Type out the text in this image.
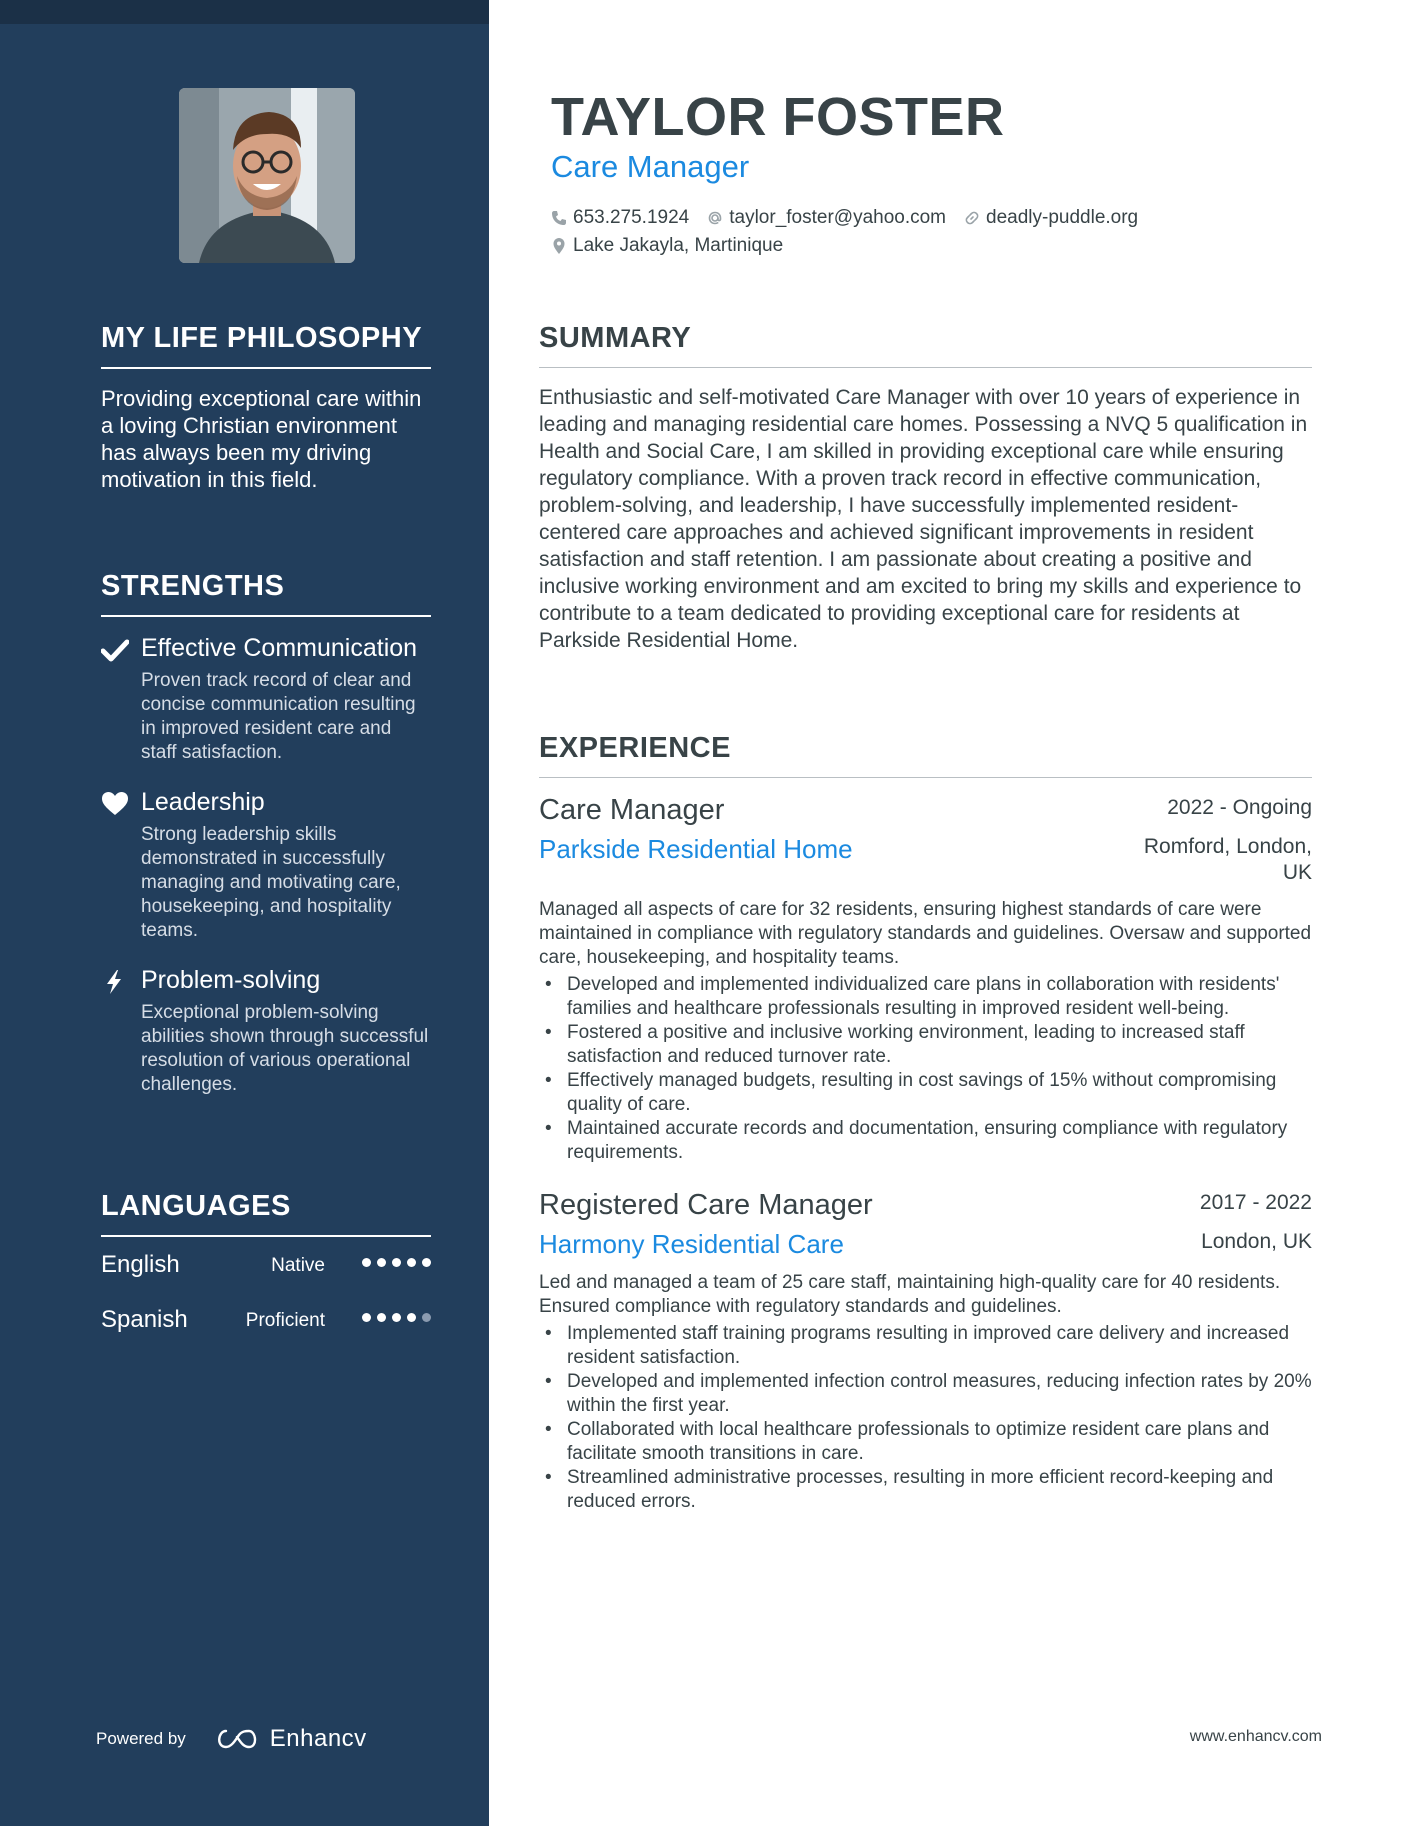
MY LIFE PHILOSOPHY

Providing exceptional care within a loving Christian environment has always been my driving motivation in this field.

STRENGTHS
Effective Communication
Proven track record of clear and concise communication resulting in improved resident care and staff satisfaction.
Leadership
Strong leadership skills demonstrated in successfully managing and motivating care, housekeeping, and hospitality teams.
Problem-solving
Exceptional problem-solving abilities shown through successful resolution of various operational challenges.
LANGUAGES
English	Native
Spanish	Proficient
Powered by	Enhancv
TAYLOR FOSTER
Care Manager
653.275.1924 taylor_foster@yahoo.com deadly-puddle.org
Lake Jakayla, Martinique
SUMMARY

Enthusiastic and self-motivated Care Manager with over 10 years of experience in leading and managing residential care homes. Possessing a NVQ 5 qualification in Health and Social Care, I am skilled in providing exceptional care while ensuring regulatory compliance. With a proven track record in effective communication, problem-solving, and leadership, I have successfully implemented resident-centered care approaches and achieved significant improvements in resident satisfaction and staff retention. I am passionate about creating a positive and inclusive working environment and am excited to bring my skills and experience to contribute to a team dedicated to providing exceptional care for residents at Parkside Residential Home.

EXPERIENCE
Care Manager	2022 - Ongoing
Parkside Residential Home	Romford, London, UK

Managed all aspects of care for 32 residents, ensuring highest standards of care were maintained in compliance with regulatory standards and guidelines. Oversaw and supported care, housekeeping, and hospitality teams.

• Developed and implemented individualized care plans in collaboration with residents' families and healthcare professionals resulting in improved resident well-being.
• Fostered a positive and inclusive working environment, leading to increased staff satisfaction and reduced turnover rate.
• Effectively managed budgets, resulting in cost savings of 15% without compromising quality of care.
• Maintained accurate records and documentation, ensuring compliance with regulatory requirements.
Registered Care Manager	2017 - 2022
Harmony Residential Care	London, UK

Led and managed a team of 25 care staff, maintaining high-quality care for 40 residents. Ensured compliance with regulatory standards and guidelines.

• Implemented staff training programs resulting in improved care delivery and increased resident satisfaction.
• Developed and implemented infection control measures, reducing infection rates by 20% within the first year.
• Collaborated with local healthcare professionals to optimize resident care plans and facilitate smooth transitions in care.
• Streamlined administrative processes, resulting in more efficient record-keeping and reduced errors.
www.enhancv.com
